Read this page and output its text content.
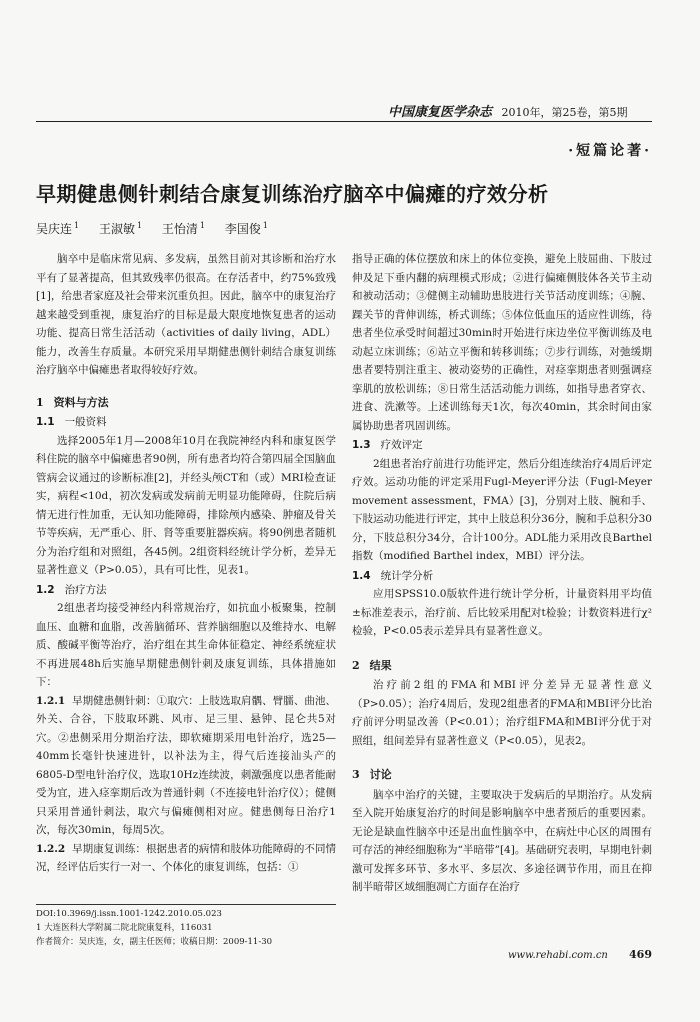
中国康复医学杂志 2010年，第25卷，第5期
·短篇论著·
早期健患侧针刺结合康复训练治疗脑卒中偏瘫的疗效分析
吴庆连 $^1$ 王淑敏 $^1$ 王怡清 $^1$ 李国俊 $^1$

脑卒中是临床常见病、多发病，虽然目前对其诊断和治疗水平有了显著提高，但其致残率仍很高。在存活者中，约75%致残[1]，给患者家庭及社会带来沉重负担。因此，脑卒中的康复治疗越来越受到重视，康复治疗的目标是最大限度地恢复患者的运动功能、提高日常生活活动（activities of daily living，ADL）能力，改善生存质量。本研究采用早期健患侧针刺结合康复训练治疗脑卒中偏瘫患者取得较好疗效。

1 资料与方法
1.1 一般资料

选择2005年1月—2008年10月在我院神经内科和康复医学科住院的脑卒中偏瘫患者90例，所有患者均符合第四届全国脑血管病会议通过的诊断标准[2]，并经头颅CT和（或）MRI检查证实，病程<10d，初次发病或发病前无明显功能障碍，住院后病情无进行性加重，无认知功能障碍，排除颅内感染、肿瘤及骨关节等疾病，无严重心、肝、肾等重要脏器疾病。将90例患者随机分为治疗组和对照组，各45例。2组资料经统计学分析，差异无显著性意义（P>0.05），具有可比性，见表1。

1.2 治疗方法

2组患者均接受神经内科常规治疗，如抗血小板聚集，控制血压、血糖和血脂，改善脑循环、营养脑细胞以及维持水、电解质、酸碱平衡等治疗，治疗组在其生命体征稳定、神经系统症状不再进展48h后实施早期健患侧针刺及康复训练，具体措施如下：

1.2.1 早期健患侧针刺：①取穴：上肢选取肩髃、臂臑、曲池、外关、合谷，下肢取环跳、风市、足三里、悬钟、昆仑共5对穴。②患侧采用分期治疗法，即软瘫期采用电针治疗，选25—40mm长毫针快速进针，以补法为主，得气后连接汕头产的6805-D型电针治疗仪，选取10Hz连续波，刺激强度以患者能耐受为宜，进入痉挛期后改为普通针刺（不连接电针治疗仪）；健侧只采用普通针刺法，取穴与偏瘫侧相对应。健患侧每日治疗1次，每次30min，每周5次。

1.2.2 早期康复训练：根据患者的病情和肢体功能障碍的不同情况，经评估后实行一对一、个体化的康复训练，包括：①

指导正确的体位摆放和床上的体位变换，避免上肢屈曲、下肢过伸及足下垂内翻的病理模式形成；②进行偏瘫侧肢体各关节主动和被动活动；③健侧主动辅助患肢进行关节活动度训练；④腕、踝关节的背伸训练，桥式训练；⑤体位低血压的适应性训练，待患者坐位承受时间超过30min时开始进行床边坐位平衡训练及电动起立床训练；⑥站立平衡和转移训练；⑦步行训练，对弛缓期患者要特别注重主、被动姿势的正确性，对痉挛期患者则强调痉挛肌的放松训练；⑧日常生活活动能力训练，如指导患者穿衣、进食、洗漱等。上述训练每天1次，每次40min，其余时间由家属协助患者巩固训练。

1.3 疗效评定

2组患者治疗前进行功能评定，然后分组连续治疗4周后评定疗效。运动功能的评定采用Fugl-Meyer评分法（Fugl-Meyer movement assessment，FMA）[3]，分别对上肢、腕和手、下肢运动功能进行评定，其中上肢总积分36分，腕和手总积分30分，下肢总积分34分，合计100分。ADL能力采用改良Barthel指数（modified Barthel index，MBI）评分法。

1.4 统计学分析

应用SPSS10.0版软件进行统计学分析，计量资料用平均值±标准差表示，治疗前、后比较采用配对t检验；计数资料进行χ²检验，P<0.05表示差异具有显著性意义。

2 结果

治疗前2组的FMA和MBI评分差异无显著性意义（P>0.05）；治疗4周后，发现2组患者的FMA和MBI评分比治疗前评分明显改善（P<0.01）；治疗组FMA和MBI评分优于对照组，组间差异有显著性意义（P<0.05），见表2。

3 讨论

脑卒中治疗的关键，主要取决于发病后的早期治疗。从发病至入院开始康复治疗的时间是影响脑卒中患者预后的重要因素。无论是缺血性脑卒中还是出血性脑卒中，在病灶中心区的周围有可存活的神经细胞称为“半暗带”[4]。基础研究表明，早期电针刺激可发挥多环节、多水平、多层次、多途径调节作用，而且在抑制半暗带区域细胞凋亡方面存在治疗

DOI:10.3969/j.issn.1001-1242.2010.05.023
1 大连医科大学附属二院北院康复科，116031
作者简介：吴庆连，女，副主任医师；收稿日期：2009-11-30
www.rehabi.com.cn 469
